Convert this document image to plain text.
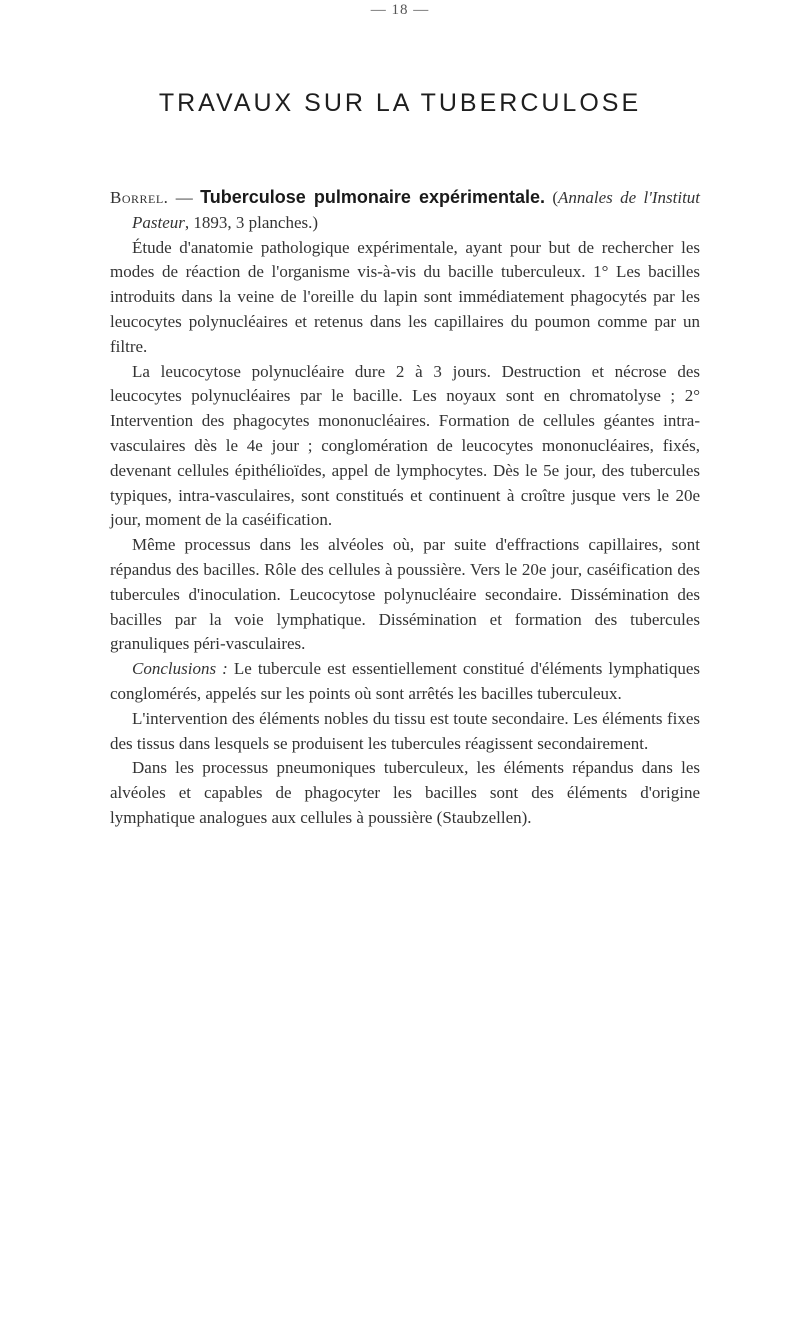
— 18 —
TRAVAUX SUR LA TUBERCULOSE

Borrel. — Tuberculose pulmonaire expérimentale. (Annales de l'Institut Pasteur, 1893, 3 planches.)

Étude d'anatomie pathologique expérimentale, ayant pour but de rechercher les modes de réaction de l'organisme vis-à-vis du bacille tuberculeux. 1° Les bacilles introduits dans la veine de l'oreille du lapin sont immédiatement phagocytés par les leucocytes polynucléaires et retenus dans les capillaires du poumon comme par un filtre.

La leucocytose polynucléaire dure 2 à 3 jours. Destruction et nécrose des leucocytes polynucléaires par le bacille. Les noyaux sont en chromatolyse ; 2° Intervention des phagocytes mononucléaires. Formation de cellules géantes intra-vasculaires dès le 4e jour ; conglomération de leucocytes mononucléaires, fixés, devenant cellules épithélioïdes, appel de lymphocytes. Dès le 5e jour, des tubercules typiques, intra-vasculaires, sont constitués et continuent à croître jusque vers le 20e jour, moment de la caséification.

Même processus dans les alvéoles où, par suite d'effractions capillaires, sont répandus des bacilles. Rôle des cellules à poussière. Vers le 20e jour, caséification des tubercules d'inoculation. Leucocytose polynucléaire secondaire. Dissémination des bacilles par la voie lymphatique. Dissémination et formation des tubercules granuliques péri-vasculaires.

Conclusions : Le tubercule est essentiellement constitué d'éléments lymphatiques conglomérés, appelés sur les points où sont arrêtés les bacilles tuberculeux.

L'intervention des éléments nobles du tissu est toute secondaire. Les éléments fixes des tissus dans lesquels se produisent les tubercules réagissent secondairement.

Dans les processus pneumoniques tuberculeux, les éléments répandus dans les alvéoles et capables de phagocyter les bacilles sont des éléments d'origine lymphatique analogues aux cellules à poussière (Staubzellen).
